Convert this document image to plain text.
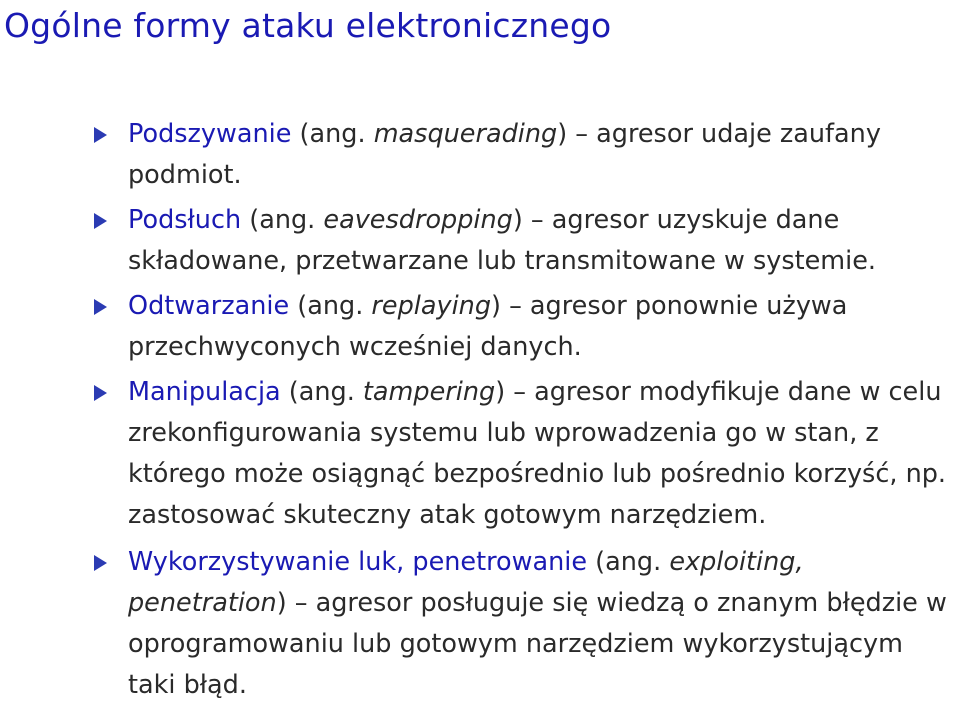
Ogólne formy ataku elektronicznego
Podszywanie (ang. masquerading) – agresor udaje zaufany podmiot.
Podsłuch (ang. eavesdropping) – agresor uzyskuje dane składowane, przetwarzane lub transmitowane w systemie.
Odtwarzanie (ang. replaying) – agresor ponownie używa przechwyconych wcześniej danych.
Manipulacja (ang. tampering) – agresor modyfikuje dane w celu zrekonfigurowania systemu lub wprowadzenia go w stan, z którego może osiągnąć bezpośrednio lub pośrednio korzyść, np. zastosować skuteczny atak gotowym narzędziem.
Wykorzystywanie luk, penetrowanie (ang. exploiting, penetration) – agresor posługuje się wiedzą o znanym błędzie w oprogramowaniu lub gotowym narzędziem wykorzystującym taki błąd.
